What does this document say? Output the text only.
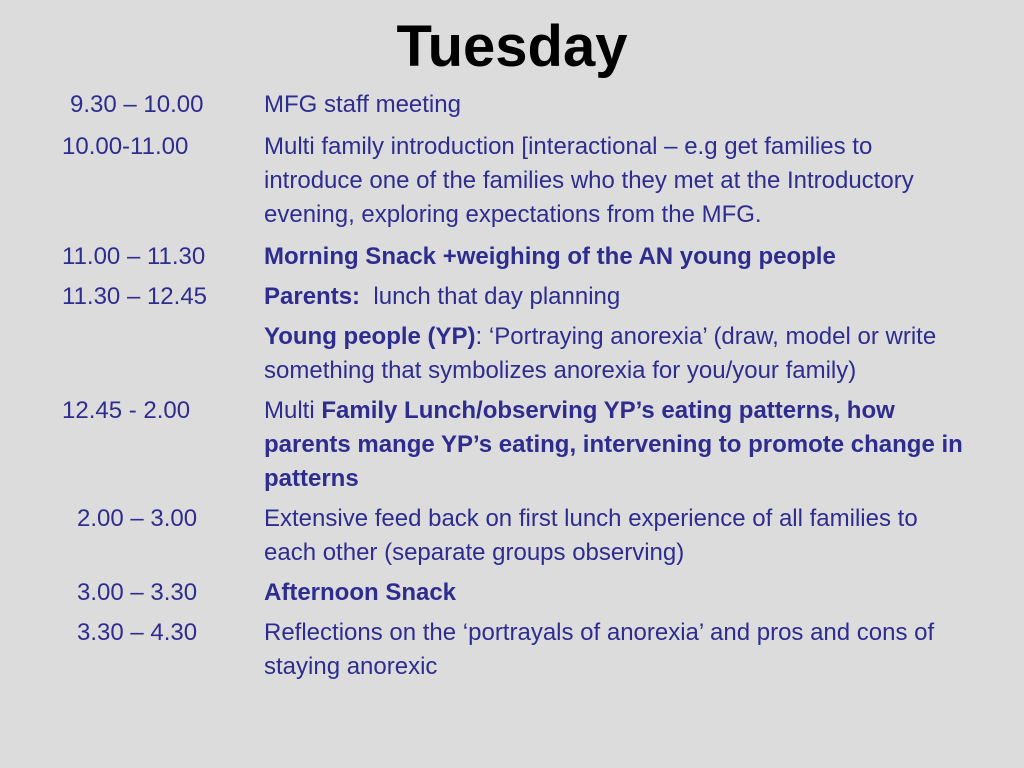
Tuesday
9.30 – 10.00	MFG staff meeting
10.00-11.00	Multi family introduction [interactional – e.g get families to introduce one of the families who they met at the Introductory evening, exploring expectations from the MFG.
11.00 – 11.30	Morning Snack +weighing of the AN young people
11.30 – 12.45	Parents:  lunch that day planning
Young people (YP): ‘Portraying anorexia’ (draw, model or write something that symbolizes anorexia for you/your family)
12.45 - 2.00	Multi Family Lunch/observing YP’s eating patterns, how parents mange YP’s eating, intervening to promote change in patterns
2.00 – 3.00	Extensive feed back on first lunch experience of all families to each other (separate groups observing)
3.00 – 3.30	Afternoon Snack
3.30 – 4.30	Reflections on the ‘portrayals of anorexia’ and pros and cons of staying anorexic
